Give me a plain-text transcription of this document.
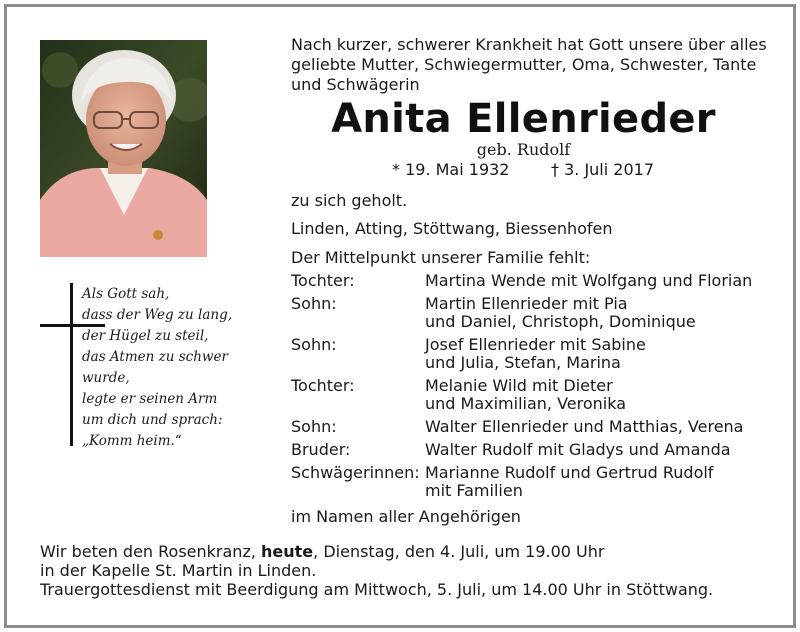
Nach kurzer, schwerer Krankheit hat Gott unsere über alles
geliebte Mutter, Schwiegermutter, Oma, Schwester, Tante
und Schwägerin
Anita Ellenrieder
geb. Rudolf
* 19. Mai 1932	† 3. Juli 2017
zu sich geholt.
Linden, Atting, Stöttwang, Biessenhofen
Der Mittelpunkt unserer Familie fehlt:
Tochter:	Martina Wende mit Wolfgang und Florian
Sohn:	Martin Ellenrieder mit Pia
und Daniel, Christoph, Dominique
Sohn:	Josef Ellenrieder mit Sabine
und Julia, Stefan, Marina
Tochter:	Melanie Wild mit Dieter
und Maximilian, Veronika
Sohn:	Walter Ellenrieder und Matthias, Verena
Bruder:	Walter Rudolf mit Gladys und Amanda
Schwägerinnen: Marianne Rudolf und Gertrud Rudolf
mit Familien
im Namen aller Angehörigen
Als Gott sah,
dass der Weg zu lang,
der Hügel zu steil,
das Atmen zu schwer
wurde,
legte er seinen Arm
um dich und sprach:
„Komm heim.“
Wir beten den Rosenkranz, heute, Dienstag, den 4. Juli, um 19.00 Uhr
in der Kapelle St. Martin in Linden.
Trauergottesdienst mit Beerdigung am Mittwoch, 5. Juli, um 14.00 Uhr in Stöttwang.
